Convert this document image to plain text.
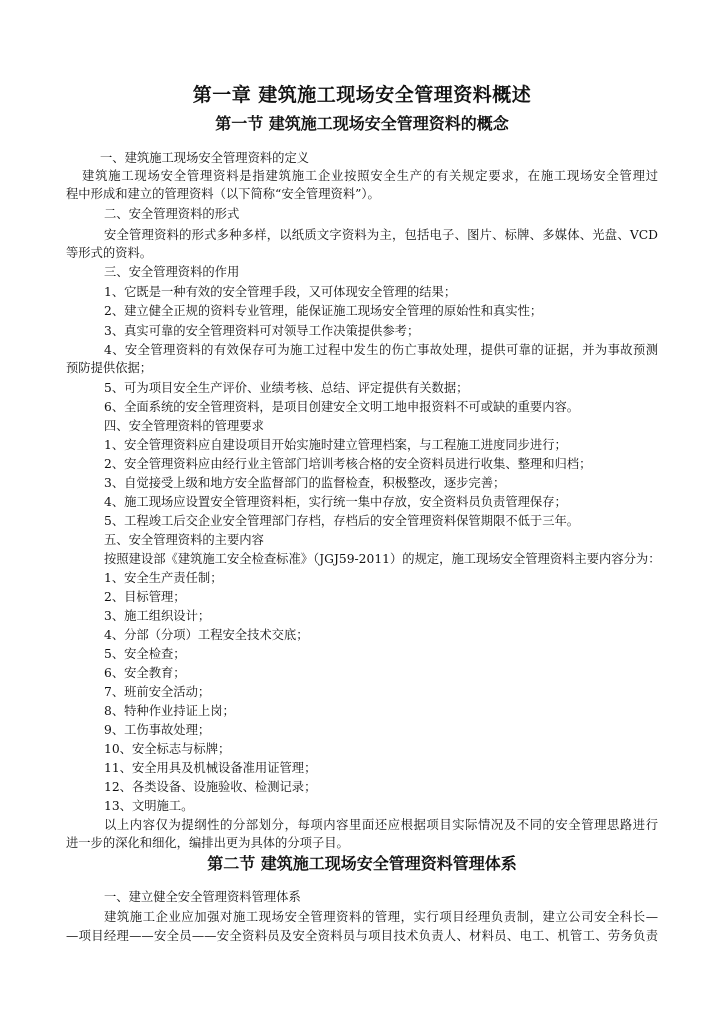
第一章 建筑施工现场安全管理资料概述
第一节 建筑施工现场安全管理资料的概念
一、建筑施工现场安全管理资料的定义
建筑施工现场安全管理资料是指建筑施工企业按照安全生产的有关规定要求，在施工现场安全管理过
程中形成和建立的管理资料（以下简称“安全管理资料”）。
二、安全管理资料的形式
安全管理资料的形式多种多样，以纸质文字资料为主，包括电子、图片、标牌、多媒体、光盘、VCD
等形式的资料。
三、安全管理资料的作用
1、它既是一种有效的安全管理手段，又可体现安全管理的结果；
2、建立健全正规的资料专业管理，能保证施工现场安全管理的原始性和真实性；
3、真实可靠的安全管理资料可对领导工作决策提供参考；
4、安全管理资料的有效保存可为施工过程中发生的伤亡事故处理，提供可靠的证据，并为事故预测
预防提供依据；
5、可为项目安全生产评价、业绩考核、总结、评定提供有关数据；
6、全面系统的安全管理资料，是项目创建安全文明工地申报资料不可或缺的重要内容。
四、安全管理资料的管理要求
1、安全管理资料应自建设项目开始实施时建立管理档案，与工程施工进度同步进行；
2、安全管理资料应由经行业主管部门培训考核合格的安全资料员进行收集、整理和归档；
3、自觉接受上级和地方安全监督部门的监督检查，积极整改，逐步完善；
4、施工现场应设置安全管理资料柜，实行统一集中存放，安全资料员负责管理保存；
5、工程竣工后交企业安全管理部门存档，存档后的安全管理资料保管期限不低于三年。
五、安全管理资料的主要内容
按照建设部《建筑施工安全检查标准》（JGJ59-2011）的规定，施工现场安全管理资料主要内容分为：
1、安全生产责任制；
2、目标管理；
3、施工组织设计；
4、分部（分项）工程安全技术交底；
5、安全检查；
6、安全教育；
7、班前安全活动；
8、特种作业持证上岗；
9、工伤事故处理；
10、安全标志与标牌；
11、安全用具及机械设备准用证管理；
12、各类设备、设施验收、检测记录；
13、文明施工。
以上内容仅为提纲性的分部划分，每项内容里面还应根据项目实际情况及不同的安全管理思路进行
进一步的深化和细化，编排出更为具体的分项子目。
第二节 建筑施工现场安全管理资料管理体系
一、建立健全安全管理资料管理体系
建筑施工企业应加强对施工现场安全管理资料的管理，实行项目经理负责制，建立公司安全科长—
—项目经理——安全员——安全资料员及安全资料员与项目技术负责人、材料员、电工、机管工、劳务负责
